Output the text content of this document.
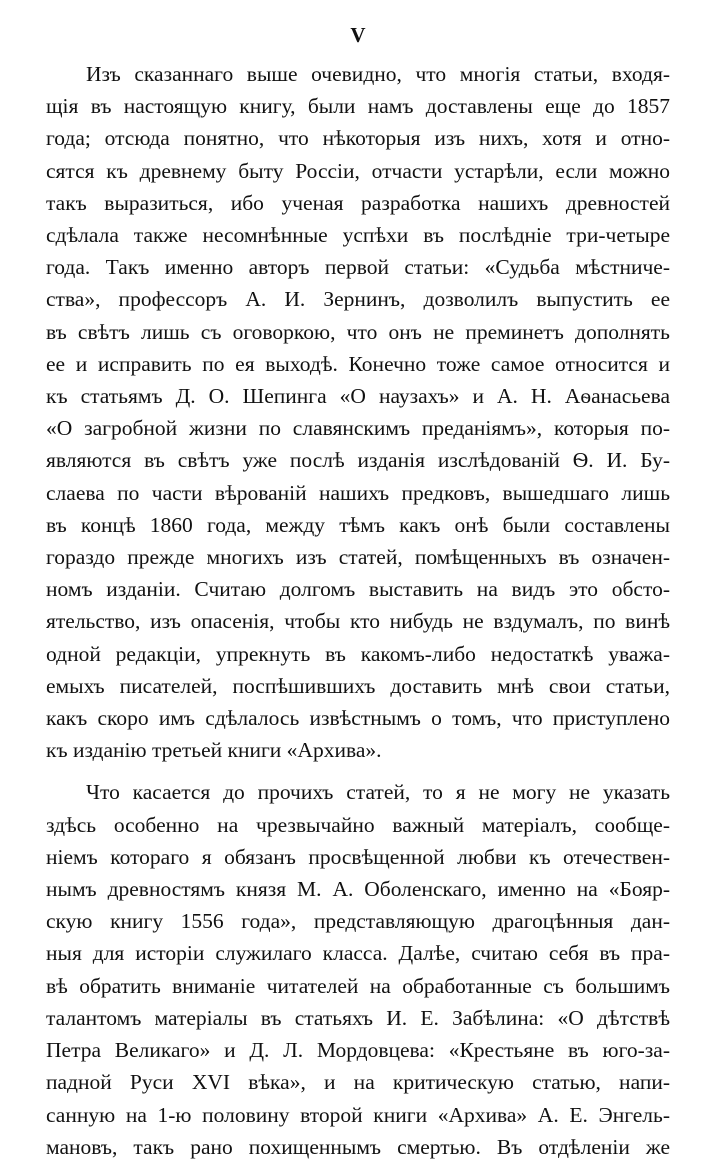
V
Изъ сказаннаго выше очевидно, что многія статьи, входя-
щія въ настоящую книгу, были намъ доставлены еще до 1857
года; отсюда понятно, что нѣкоторыя изъ нихъ, хотя и отно-
сятся къ древнему быту Россіи, отчасти устарѣли, если можно
такъ выразиться, ибо ученая разработка нашихъ древностей
сдѣлала также несомнѣнные успѣхи въ послѣдніе три-четыре
года. Такъ именно авторъ первой статьи: «Судьба мѣстниче-
ства», профессоръ А. И. Зернинъ, дозволилъ выпустить ее
въ свѣтъ лишь съ оговоркою, что онъ не преминетъ дополнять
ее и исправить по ея выходѣ. Конечно тоже самое относится и
къ статьямъ Д. О. Шепинга «О наузахъ» и А. Н. Аѳанасьева
«О загробной жизни по славянскимъ преданіямъ», которыя по-
являются въ свѣтъ уже послѣ изданія изслѣдованій Ѳ. И. Бу-
слаева по части вѣрованій нашихъ предковъ, вышедшаго лишь
въ концѣ 1860 года, между тѣмъ какъ онѣ были составлены
гораздо прежде многихъ изъ статей, помѣщенныхъ въ означен-
номъ изданіи. Считаю долгомъ выставить на видъ это обсто-
ятельство, изъ опасенія, чтобы кто нибудь не вздумалъ, по винѣ
одной редакціи, упрекнуть въ какомъ-либо недостаткѣ уважа-
емыхъ писателей, поспѣшившихъ доставить мнѣ свои статьи,
какъ скоро имъ сдѣлалось извѣстнымъ о томъ, что приступлено
къ изданію третьей книги «Архива».
Что касается до прочихъ статей, то я не могу не указать
здѣсь особенно на чрезвычайно важный матеріалъ, сообще-
ніемъ котораго я обязанъ просвѣщенной любви къ отечествен-
нымъ древностямъ князя М. А. Оболенскаго, именно на «Бояр-
скую книгу 1556 года», представляющую драгоцѣнныя дан-
ныя для исторіи служилаго класса. Далѣе, считаю себя въ пра-
вѣ обратить вниманіе читателей на обработанные съ большимъ
талантомъ матеріалы въ статьяхъ И. Е. Забѣлина: «О дѣтствѣ
Петра Великаго» и Д. Л. Мордовцева: «Крестьяне въ юго-за-
падной Руси XVI вѣка», и на критическую статью, напи-
санную на 1-ю половину второй книги «Архива» А. Е. Энгель-
мановъ, такъ рано похищеннымъ смертью. Въ отдѣленіи же
